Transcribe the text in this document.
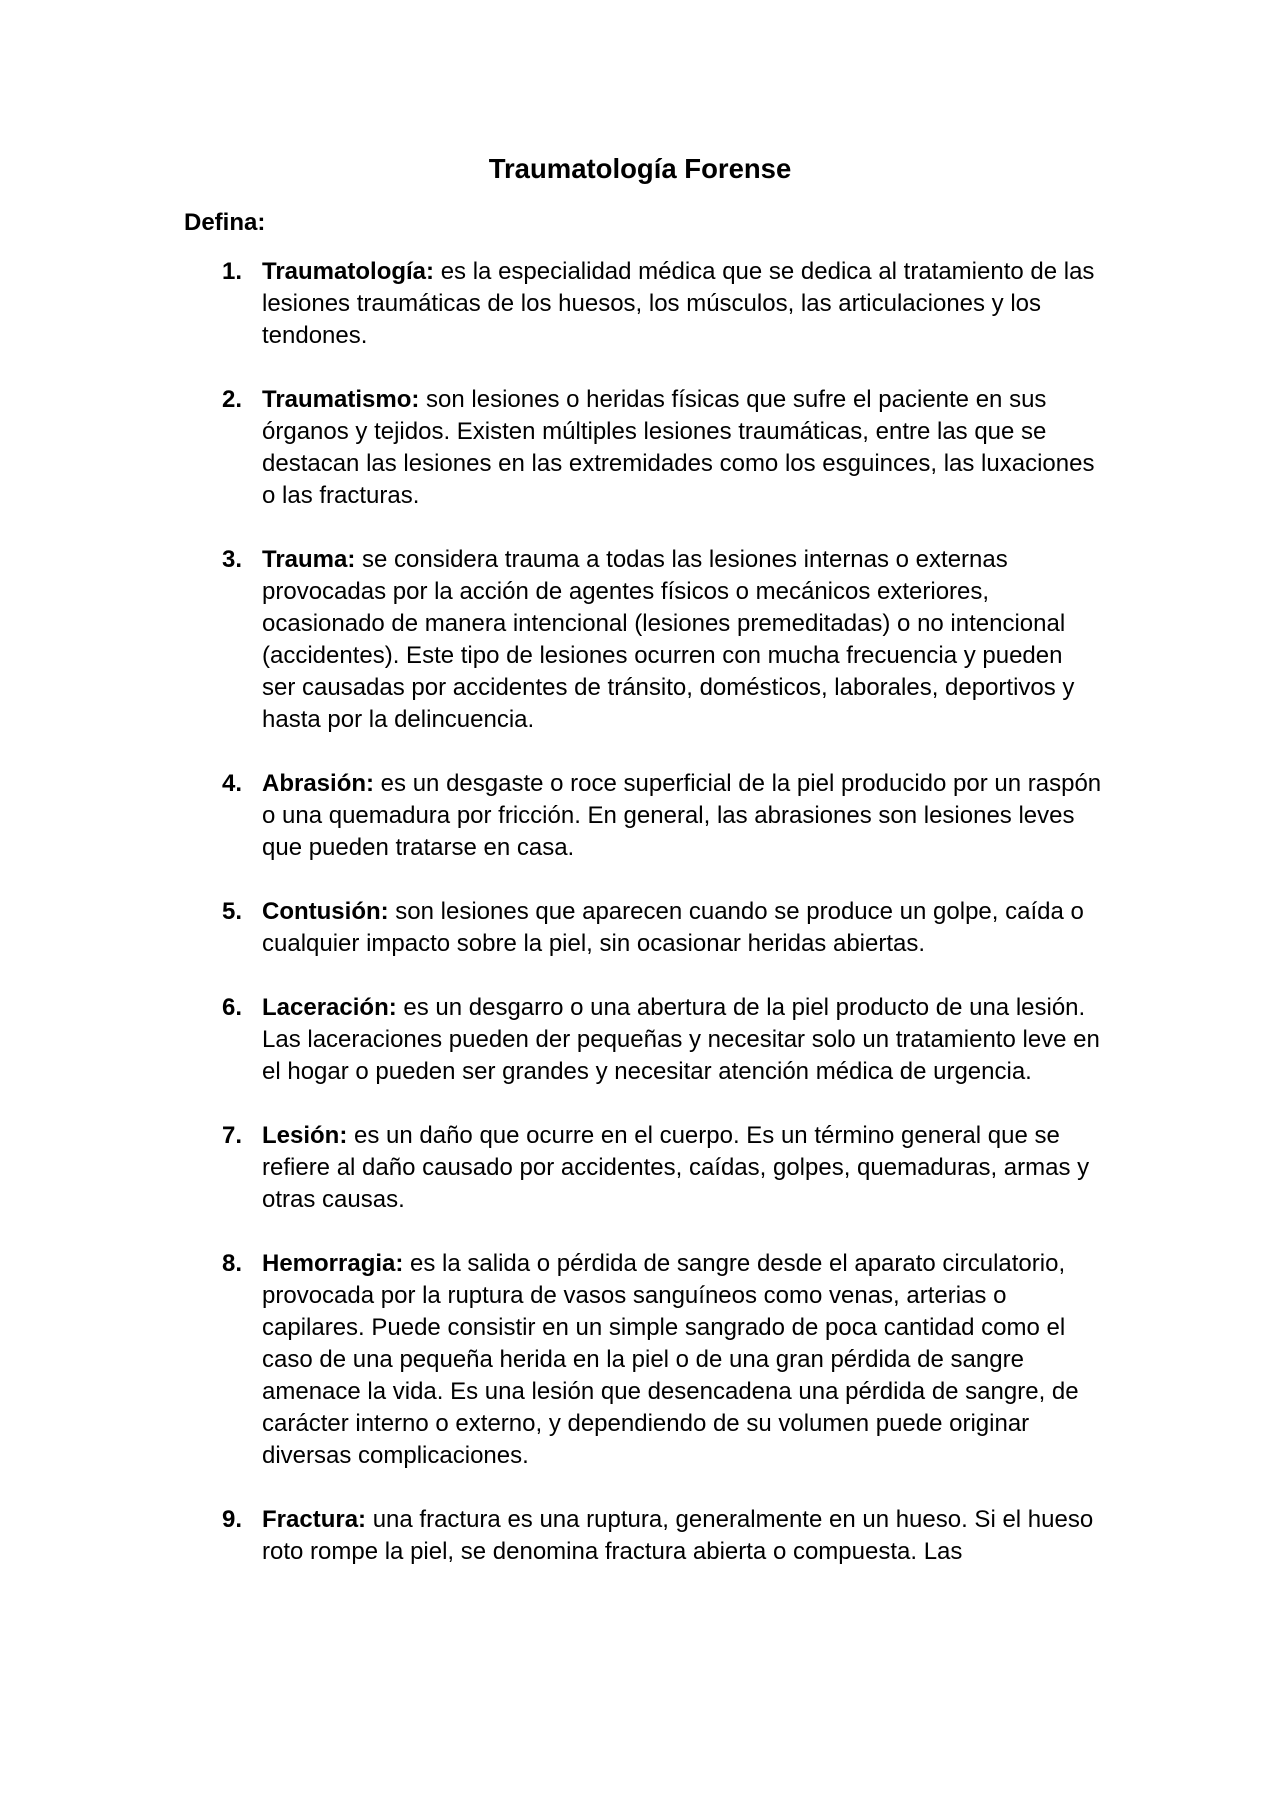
Traumatología Forense
Defina:
1. Traumatología: es la especialidad médica que se dedica al tratamiento de las lesiones traumáticas de los huesos, los músculos, las articulaciones y los tendones.
2. Traumatismo: son lesiones o heridas físicas que sufre el paciente en sus órganos y tejidos. Existen múltiples lesiones traumáticas, entre las que se destacan las lesiones en las extremidades como los esguinces, las luxaciones o las fracturas.
3. Trauma: se considera trauma a todas las lesiones internas o externas provocadas por la acción de agentes físicos o mecánicos exteriores, ocasionado de manera intencional (lesiones premeditadas) o no intencional (accidentes). Este tipo de lesiones ocurren con mucha frecuencia y pueden ser causadas por accidentes de tránsito, domésticos, laborales, deportivos y hasta por la delincuencia.
4. Abrasión: es un desgaste o roce superficial de la piel producido por un raspón o una quemadura por fricción. En general, las abrasiones son lesiones leves que pueden tratarse en casa.
5. Contusión: son lesiones que aparecen cuando se produce un golpe, caída o cualquier impacto sobre la piel, sin ocasionar heridas abiertas.
6. Laceración: es un desgarro o una abertura de la piel producto de una lesión. Las laceraciones pueden der pequeñas y necesitar solo un tratamiento leve en el hogar o pueden ser grandes y necesitar atención médica de urgencia.
7. Lesión: es un daño que ocurre en el cuerpo. Es un término general que se refiere al daño causado por accidentes, caídas, golpes, quemaduras, armas y otras causas.
8. Hemorragia: es la salida o pérdida de sangre desde el aparato circulatorio, provocada por la ruptura de vasos sanguíneos como venas, arterias o capilares. Puede consistir en un simple sangrado de poca cantidad como el caso de una pequeña herida en la piel o de una gran pérdida de sangre amenace la vida. Es una lesión que desencadena una pérdida de sangre, de carácter interno o externo, y dependiendo de su volumen puede originar diversas complicaciones.
9. Fractura: una fractura es una ruptura, generalmente en un hueso. Si el hueso roto rompe la piel, se denomina fractura abierta o compuesta. Las
